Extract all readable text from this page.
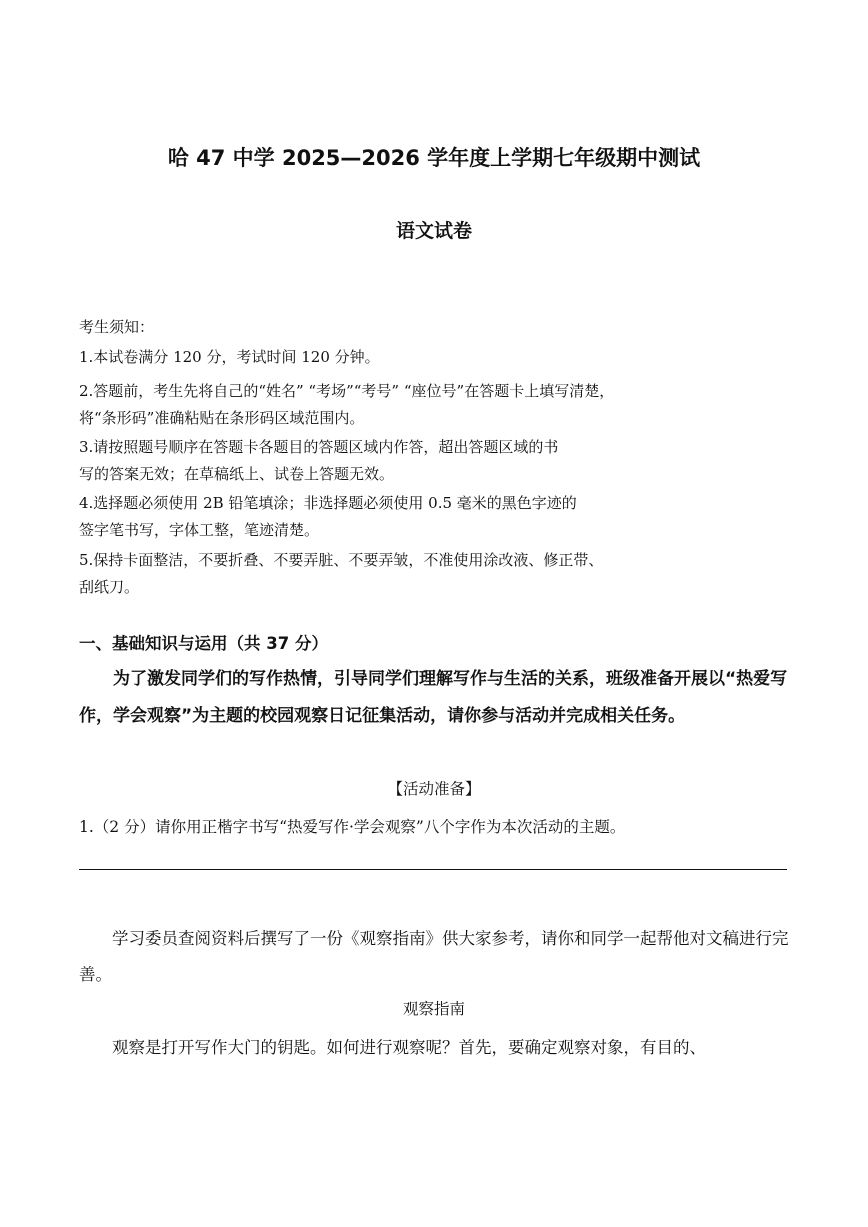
哈 47 中学 2025—2026 学年度上学期七年级期中测试
语文试卷
考生须知：
1.本试卷满分 120 分，考试时间 120 分钟。
2.答题前，考生先将自己的“姓名” “考场”“考号” “座位号”在答题卡上填写清楚，
将“条形码”准确粘贴在条形码区域范围内。
3.请按照题号顺序在答题卡各题目的答题区域内作答，超出答题区域的书
写的答案无效；在草稿纸上、试卷上答题无效。
4.选择题必须使用 2B 铅笔填涂；非选择题必须使用 0.5 毫米的黑色字迹的
签字笔书写，字体工整，笔迹清楚。
5.保持卡面整洁，不要折叠、不要弄脏、不要弄皱，不准使用涂改液、修正带、
刮纸刀。
一、基础知识与运用（共 37 分）
为了激发同学们的写作热情，引导同学们理解写作与生活的关系，班级准备开展以“热爱写作，学会观察”为主题的校园观察日记征集活动，请你参与活动并完成相关任务。
【活动准备】
1.（2 分）请你用正楷字书写“热爱写作·学会观察”八个字作为本次活动的主题。
学习委员查阅资料后撰写了一份《观察指南》供大家参考，请你和同学一起帮他对文稿进行完善。
观察指南
观察是打开写作大门的钥匙。如何进行观察呢？首先，要确定观察对象，有目的、
